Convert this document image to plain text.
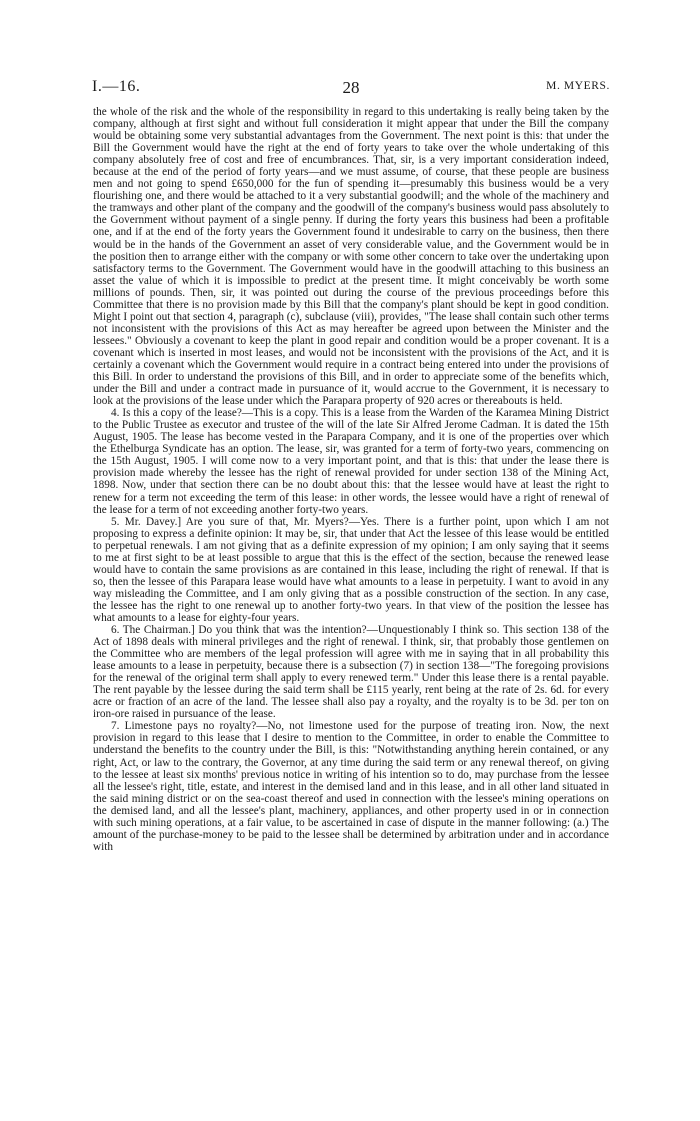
I.—16.	28	M. MYERS.

the whole of the risk and the whole of the responsibility in regard to this undertaking is really being taken by the company, although at first sight and without full consideration it might appear that under the Bill the company would be obtaining some very substantial advantages from the Government. The next point is this: that under the Bill the Government would have the right at the end of forty years to take over the whole undertaking of this company absolutely free of cost and free of encumbrances. That, sir, is a very important consideration indeed, because at the end of the period of forty years—and we must assume, of course, that these people are business men and not going to spend £650,000 for the fun of spending it—presumably this business would be a very flourishing one, and there would be attached to it a very substantial goodwill; and the whole of the machinery and the tramways and other plant of the company and the goodwill of the company's business would pass absolutely to the Government without payment of a single penny. If during the forty years this business had been a profitable one, and if at the end of the forty years the Government found it undesirable to carry on the business, then there would be in the hands of the Government an asset of very considerable value, and the Government would be in the position then to arrange either with the company or with some other concern to take over the undertaking upon satisfactory terms to the Government. The Government would have in the goodwill attaching to this business an asset the value of which it is impossible to predict at the present time. It might conceivably be worth some millions of pounds. Then, sir, it was pointed out during the course of the previous proceedings before this Committee that there is no provision made by this Bill that the company's plant should be kept in good condition. Might I point out that section 4, paragraph (c), subclause (viii), provides, "The lease shall contain such other terms not inconsistent with the provisions of this Act as may hereafter be agreed upon between the Minister and the lessees." Obviously a covenant to keep the plant in good repair and condition would be a proper covenant. It is a covenant which is inserted in most leases, and would not be inconsistent with the provisions of the Act, and it is certainly a covenant which the Government would require in a contract being entered into under the provisions of this Bill. In order to understand the provisions of this Bill, and in order to appreciate some of the benefits which, under the Bill and under a contract made in pursuance of it, would accrue to the Government, it is necessary to look at the provisions of the lease under which the Parapara property of 920 acres or thereabouts is held.

4. Is this a copy of the lease?—This is a copy. This is a lease from the Warden of the Karamea Mining District to the Public Trustee as executor and trustee of the will of the late Sir Alfred Jerome Cadman. It is dated the 15th August, 1905. The lease has become vested in the Parapara Company, and it is one of the properties over which the Ethelburga Syndicate has an option. The lease, sir, was granted for a term of forty-two years, commencing on the 15th August, 1905. I will come now to a very important point, and that is this: that under the lease there is provision made whereby the lessee has the right of renewal provided for under section 138 of the Mining Act, 1898. Now, under that section there can be no doubt about this: that the lessee would have at least the right to renew for a term not exceeding the term of this lease: in other words, the lessee would have a right of renewal of the lease for a term of not exceeding another forty-two years.

5. Mr. Davey.] Are you sure of that, Mr. Myers?—Yes. There is a further point, upon which I am not proposing to express a definite opinion: It may be, sir, that under that Act the lessee of this lease would be entitled to perpetual renewals. I am not giving that as a definite expression of my opinion; I am only saying that it seems to me at first sight to be at least possible to argue that this is the effect of the section, because the renewed lease would have to contain the same provisions as are contained in this lease, including the right of renewal. If that is so, then the lessee of this Parapara lease would have what amounts to a lease in perpetuity. I want to avoid in any way misleading the Committee, and I am only giving that as a possible construction of the section. In any case, the lessee has the right to one renewal up to another forty-two years. In that view of the position the lessee has what amounts to a lease for eighty-four years.

6. The Chairman.] Do you think that was the intention?—Unquestionably I think so. This section 138 of the Act of 1898 deals with mineral privileges and the right of renewal. I think, sir, that probably those gentlemen on the Committee who are members of the legal profession will agree with me in saying that in all probability this lease amounts to a lease in perpetuity, because there is a subsection (7) in section 138—"The foregoing provisions for the renewal of the original term shall apply to every renewed term." Under this lease there is a rental payable. The rent payable by the lessee during the said term shall be £115 yearly, rent being at the rate of 2s. 6d. for every acre or fraction of an acre of the land. The lessee shall also pay a royalty, and the royalty is to be 3d. per ton on iron-ore raised in pursuance of the lease.

7. Limestone pays no royalty?—No, not limestone used for the purpose of treating iron. Now, the next provision in regard to this lease that I desire to mention to the Committee, in order to enable the Committee to understand the benefits to the country under the Bill, is this: "Notwithstanding anything herein contained, or any right, Act, or law to the contrary, the Governor, at any time during the said term or any renewal thereof, on giving to the lessee at least six months' previous notice in writing of his intention so to do, may purchase from the lessee all the lessee's right, title, estate, and interest in the demised land and in this lease, and in all other land situated in the said mining district or on the sea-coast thereof and used in connection with the lessee's mining operations on the demised land, and all the lessee's plant, machinery, appliances, and other property used in or in connection with such mining operations, at a fair value, to be ascertained in case of dispute in the manner following: (a.) The amount of the purchase-money to be paid to the lessee shall be determined by arbitration under and in accordance with
